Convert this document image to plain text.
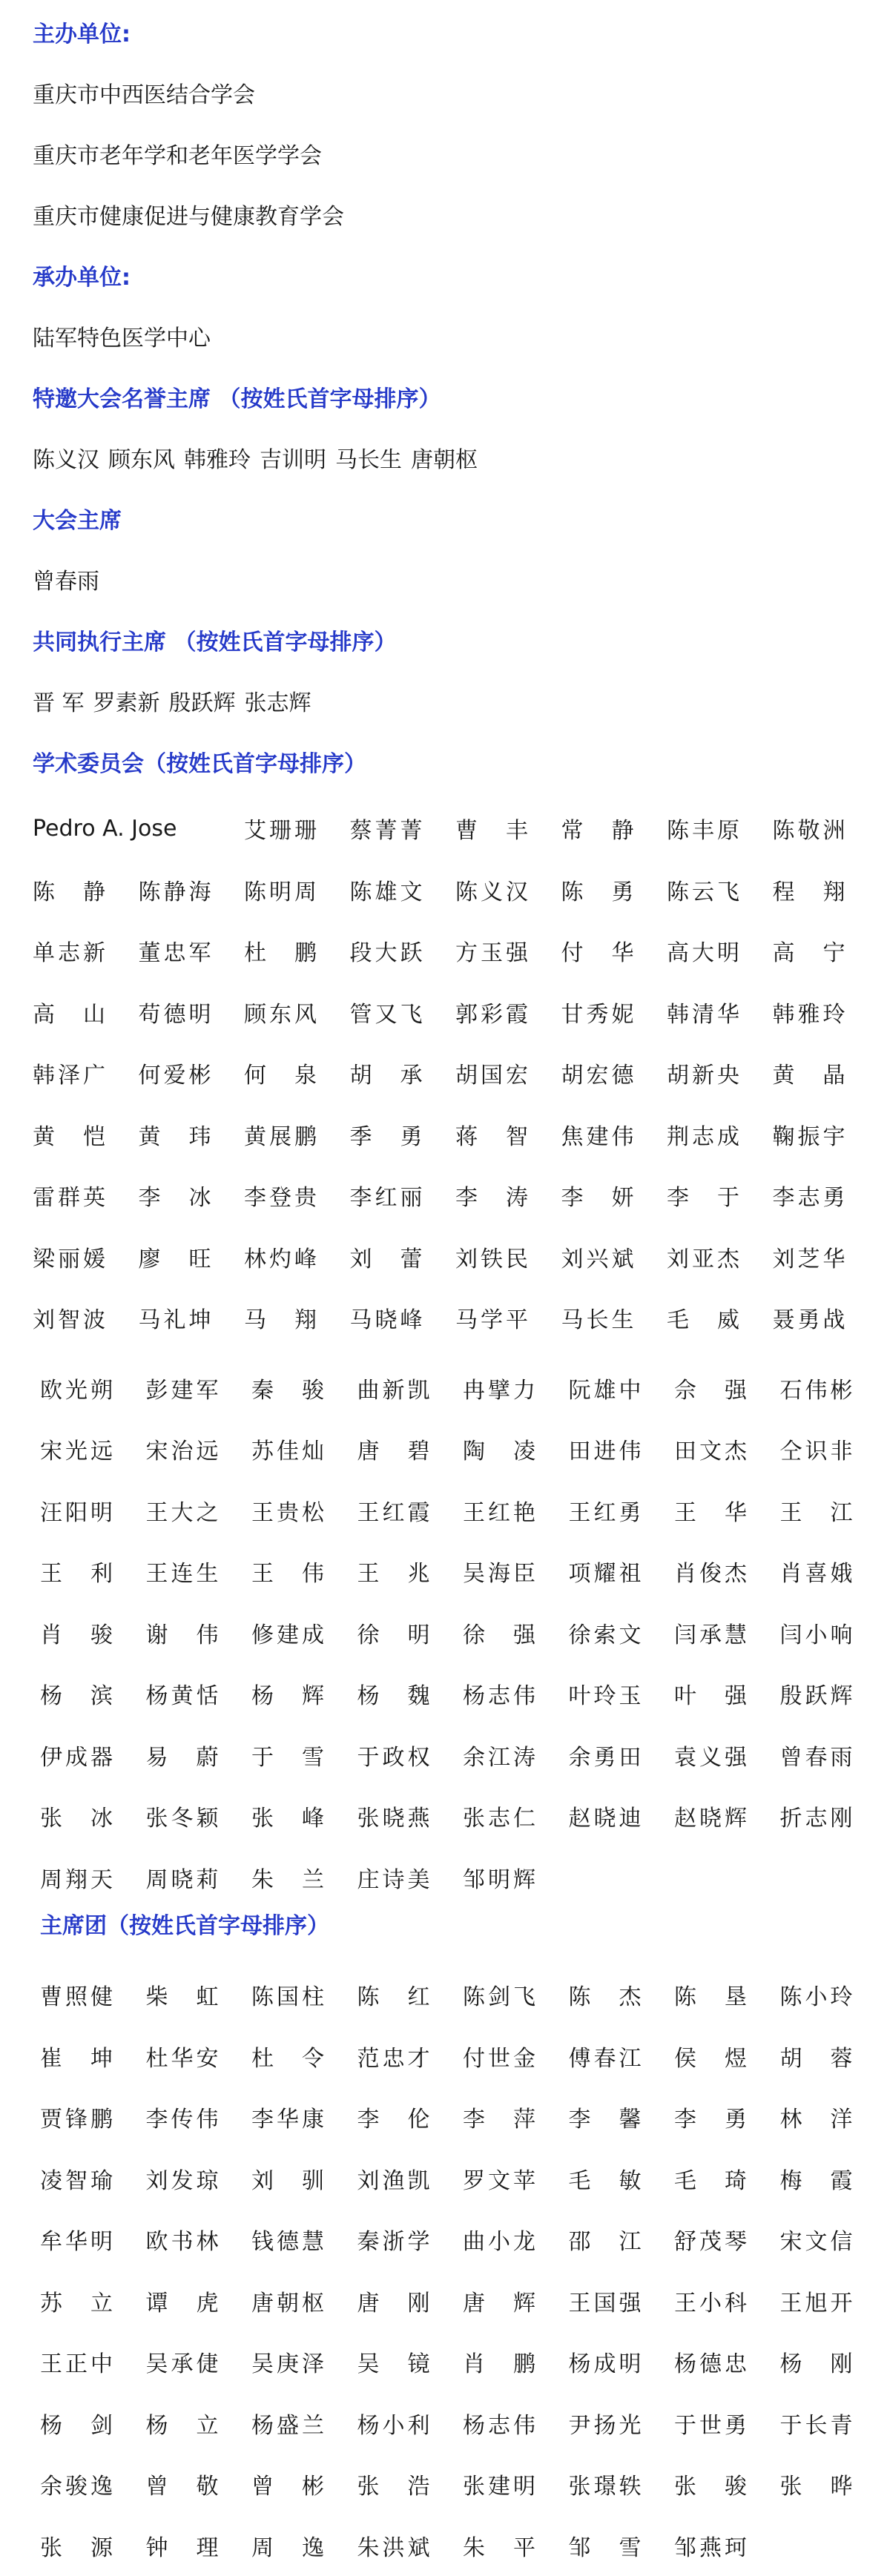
主办单位:
重庆市中西医结合学会
重庆市老年学和老年医学学会
重庆市健康促进与健康教育学会
承办单位:
陆军特色医学中心
特邀大会名誉主席 （按姓氏首字母排序）
陈义汉 顾东风 韩雅玲 吉训明 马长生 唐朝枢
大会主席
曾春雨
共同执行主席 （按姓氏首字母排序）
晋 军 罗素新 殷跃辉 张志辉
学术委员会（按姓氏首字母排序）
Pedro A. Jose	艾珊珊 蔡菁菁 曹丰 常静 陈丰原 陈敬洲
陈静 陈静海 陈明周 陈雄文 陈义汉 陈勇 陈云飞 程翔
单志新 董忠军 杜鹏 段大跃 方玉强 付华 高大明 高宁
高山 苟德明 顾东风 管又飞 郭彩霞 甘秀妮 韩清华 韩雅玲
韩泽广 何爱彬 何泉 胡承 胡国宏 胡宏德 胡新央 黄晶
黄恺 黄玮 黄展鹏 季勇 蒋智 焦建伟 荆志成 鞠振宇
雷群英 李冰 李登贵 李红丽 李涛 李妍 李于 李志勇
梁丽媛 廖旺 林灼峰 刘蕾 刘铁民 刘兴斌 刘亚杰 刘芝华
刘智波 马礼坤 马翔 马晓峰 马学平 马长生 毛威 聂勇战
欧光朔 彭建军 秦骏 曲新凯 冉擘力 阮雄中 佘强 石伟彬
宋光远 宋治远 苏佳灿 唐碧 陶凌 田进伟 田文杰 仝识非
汪阳明 王大之 王贵松 王红霞 王红艳 王红勇 王华 王江
王利 王连生 王伟 王兆 吴海臣 项耀祖 肖俊杰 肖喜娥
肖骏 谢伟 修建成 徐明 徐强 徐索文 闫承慧 闫小响
杨滨 杨黄恬 杨辉 杨魏 杨志伟 叶玲玉 叶强 殷跃辉
伊成器 易蔚 于雪 于政权 余江涛 余勇田 袁义强 曾春雨
张冰 张冬颖 张峰 张晓燕 张志仁 赵晓迪 赵晓辉 折志刚
周翔天 周晓莉 朱兰 庄诗美 邹明辉
主席团（按姓氏首字母排序）
曹照健 柴虹 陈国柱 陈红 陈剑飞 陈杰 陈垦 陈小玲
崔坤 杜华安 杜令 范忠才 付世金 傅春江 侯煜 胡蓉
贾锋鹏 李传伟 李华康 李伦 李萍 李馨 李勇 林洋
凌智瑜 刘发琼 刘驯 刘渔凯 罗文苹 毛敏 毛琦 梅霞
牟华明 欧书林 钱德慧 秦浙学 曲小龙 邵江 舒茂琴 宋文信
苏立 谭虎 唐朝枢 唐刚 唐辉 王国强 王小科 王旭开
王正中 吴承倢 吴庚泽 吴镜 肖鹏 杨成明 杨德忠 杨刚
杨剑 杨立 杨盛兰 杨小利 杨志伟 尹扬光 于世勇 于长青
余骏逸 曾敬 曾彬 张浩 张建明 张璟轶 张骏 张晔
张源 钟理 周逸 朱洪斌 朱平 邹雪 邹燕珂
